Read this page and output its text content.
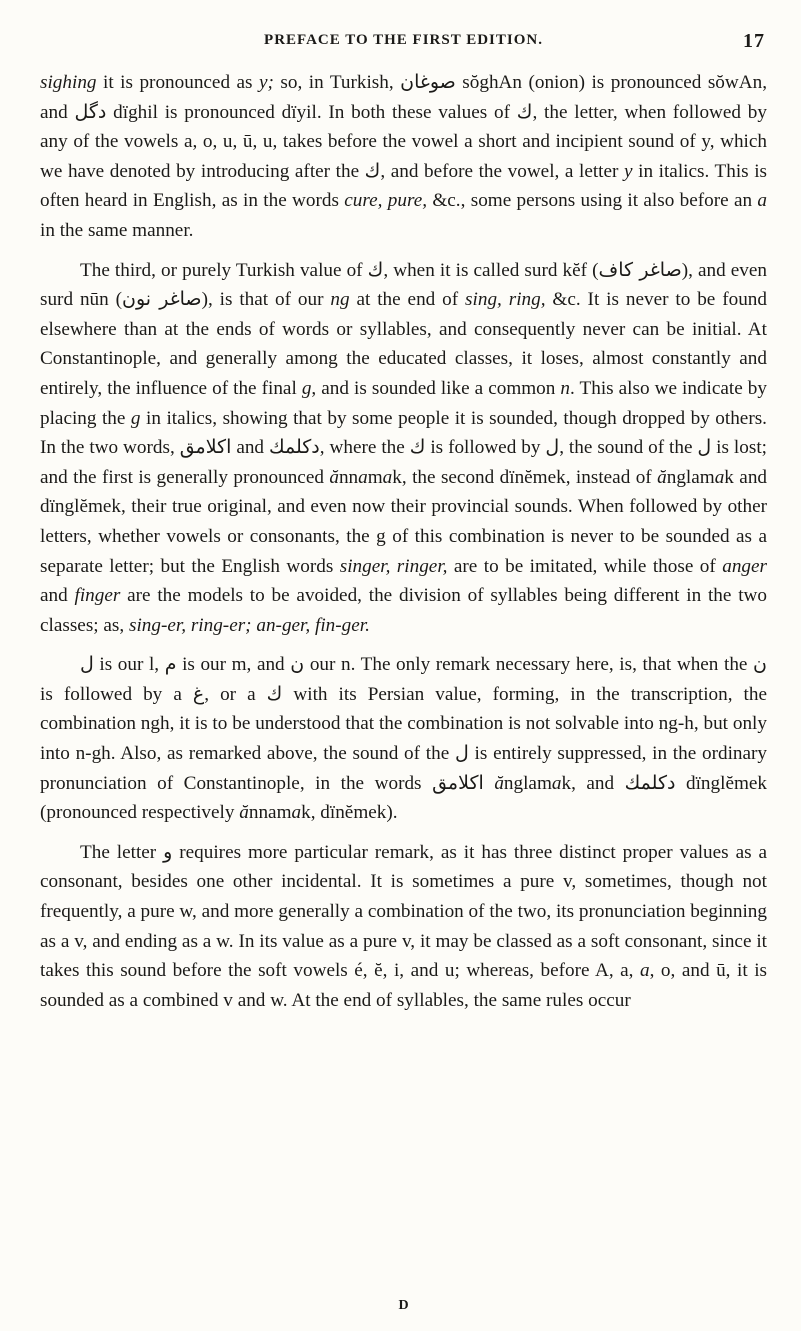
PREFACE TO THE FIRST EDITION.	17

sighing it is pronounced as y; so, in Turkish, صوغان sŏghAn (onion) is pronounced sŏwAn, and دگل dïghil is pronounced dïyil. In both these values of ك, the letter, when followed by any of the vowels a, o, u, ū, u, takes before the vowel a short and incipient sound of y, which we have denoted by introducing after the ك, and before the vowel, a letter y in italics. This is often heard in English, as in the words cure, pure, &c., some persons using it also before an a in the same manner.

The third, or purely Turkish value of ك, when it is called surd kĕf (صاغر كاف), and even surd nūn (صاغر نون), is that of our ng at the end of sing, ring, &c. It is never to be found elsewhere than at the ends of words or syllables, and consequently never can be initial. At Constantinople, and generally among the educated classes, it loses, almost constantly and entirely, the influence of the final g, and is sounded like a common n. This also we indicate by placing the g in italics, showing that by some people it is sounded, though dropped by others. In the two words, اكلامق and دكلمك, where the ك is followed by ل, the sound of the ل is lost; and the first is generally pronounced ănnamak, the second dïnĕmek, instead of ănglamak and dïnglĕmek, their true original, and even now their provincial sounds. When followed by other letters, whether vowels or consonants, the g of this combination is never to be sounded as a separate letter; but the English words singer, ringer, are to be imitated, while those of anger and finger are the models to be avoided, the division of syllables being different in the two classes; as, sing-er, ring-er; an-ger, fin-ger.

ل is our l, م is our m, and ن our n. The only remark necessary here, is, that when the ن is followed by a غ, or a ك with its Persian value, forming, in the transcription, the combination ngh, it is to be understood that the combination is not solvable into ng-h, but only into n-gh. Also, as remarked above, the sound of the ل is entirely suppressed, in the ordinary pronunciation of Constantinople, in the words اكلامق ănglamak, and دكلمك dïnglĕmek (pronounced respectively ănnamak, dïnĕmek).

The letter و requires more particular remark, as it has three distinct proper values as a consonant, besides one other incidental. It is sometimes a pure v, sometimes, though not frequently, a pure w, and more generally a combination of the two, its pronunciation beginning as a v, and ending as a w. In its value as a pure v, it may be classed as a soft consonant, since it takes this sound before the soft vowels é, ĕ, i, and u; whereas, before A, a, a, o, and ū, it is sounded as a combined v and w. At the end of syllables, the same rules occur

D
